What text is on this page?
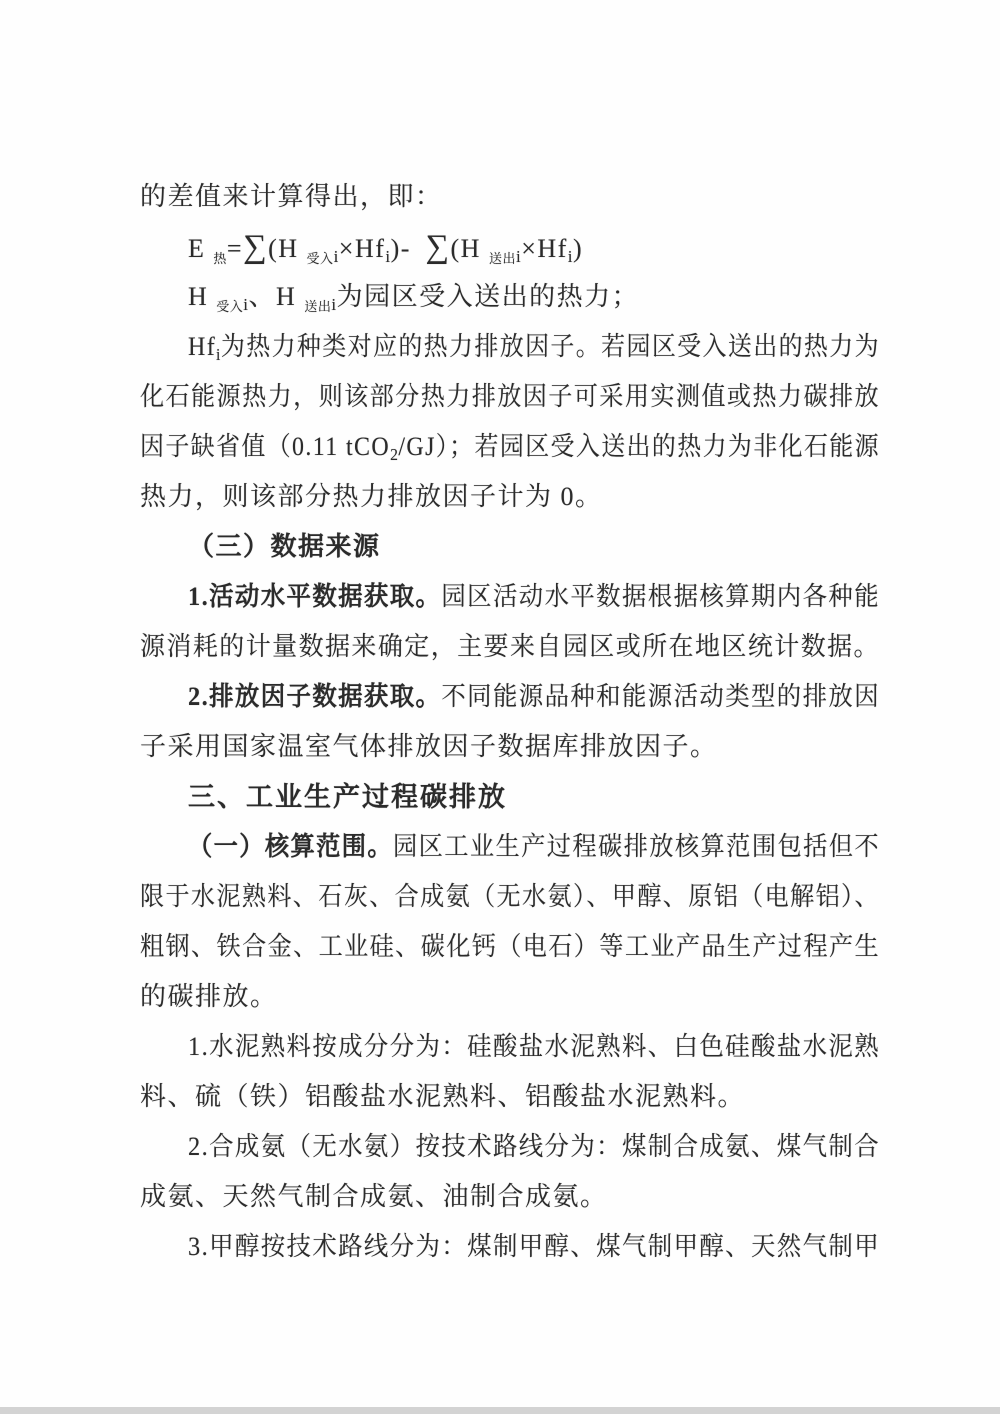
的差值来计算得出，即：
E $_热$=∑(H $_{受入}$i×Hfi)- ∑(H $_{送出}$i×Hfi)
H $_{受入}$i、H $_{送出}$i为园区受入送出的热力；
Hfi为热力种类对应的热力排放因子。若园区受入送出的热力为
化石能源热力，则该部分热力排放因子可采用实测值或热力碳排放
因子缺省值（0.11 tCO2/GJ）；若园区受入送出的热力为非化石能源
热力，则该部分热力排放因子计为 0。
（三）数据来源
1.活动水平数据获取。园区活动水平数据根据核算期内各种能
源消耗的计量数据来确定，主要来自园区或所在地区统计数据。
2.排放因子数据获取。不同能源品种和能源活动类型的排放因
子采用国家温室气体排放因子数据库排放因子。
三、工业生产过程碳排放
（一）核算范围。园区工业生产过程碳排放核算范围包括但不
限于水泥熟料、石灰、合成氨（无水氨）、甲醇、原铝（电解铝）、
粗钢、铁合金、工业硅、碳化钙（电石）等工业产品生产过程产生
的碳排放。
1.水泥熟料按成分分为：硅酸盐水泥熟料、白色硅酸盐水泥熟
料、硫（铁）铝酸盐水泥熟料、铝酸盐水泥熟料。
2.合成氨（无水氨）按技术路线分为：煤制合成氨、煤气制合
成氨、天然气制合成氨、油制合成氨。
3.甲醇按技术路线分为：煤制甲醇、煤气制甲醇、天然气制甲
